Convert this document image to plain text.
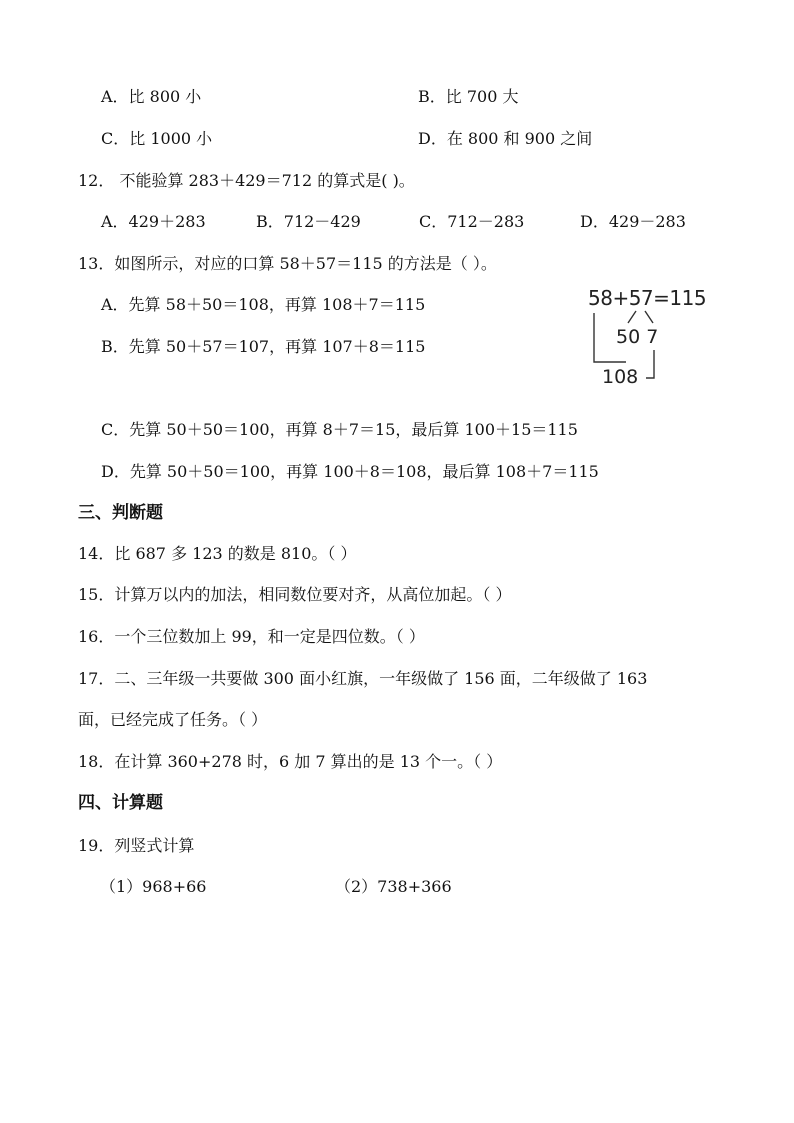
A．比 800 小	B．比 700 大
C．比 1000 小	D．在 800 和 900 之间
12． 不能验算 283＋429＝712 的算式是( )。
A．429＋283	B．712－429	C．712－283	D．429－283
13．如图所示，对应的口算 58＋57＝115 的方法是（ ）。
A．先算 58＋50＝108，再算 108＋7＝115
B．先算 50＋57＝107，再算 107＋8＝115
58+57=115
50 7
108
C．先算 50＋50＝100，再算 8＋7＝15，最后算 100＋15＝115
D．先算 50＋50＝100，再算 100＋8＝108，最后算 108＋7＝115
三、判断题
14．比 687 多 123 的数是 810。（ ）
15．计算万以内的加法，相同数位要对齐，从高位加起。（ ）
16．一个三位数加上 99，和一定是四位数。（ ）
17．二、三年级一共要做 300 面小红旗，一年级做了 156 面，二年级做了 163
面，已经完成了任务。（ ）
18．在计算 360+278 时，6 加 7 算出的是 13 个一。（ ）
四、计算题
19．列竖式计算
（1）968+66	（2）738+366
